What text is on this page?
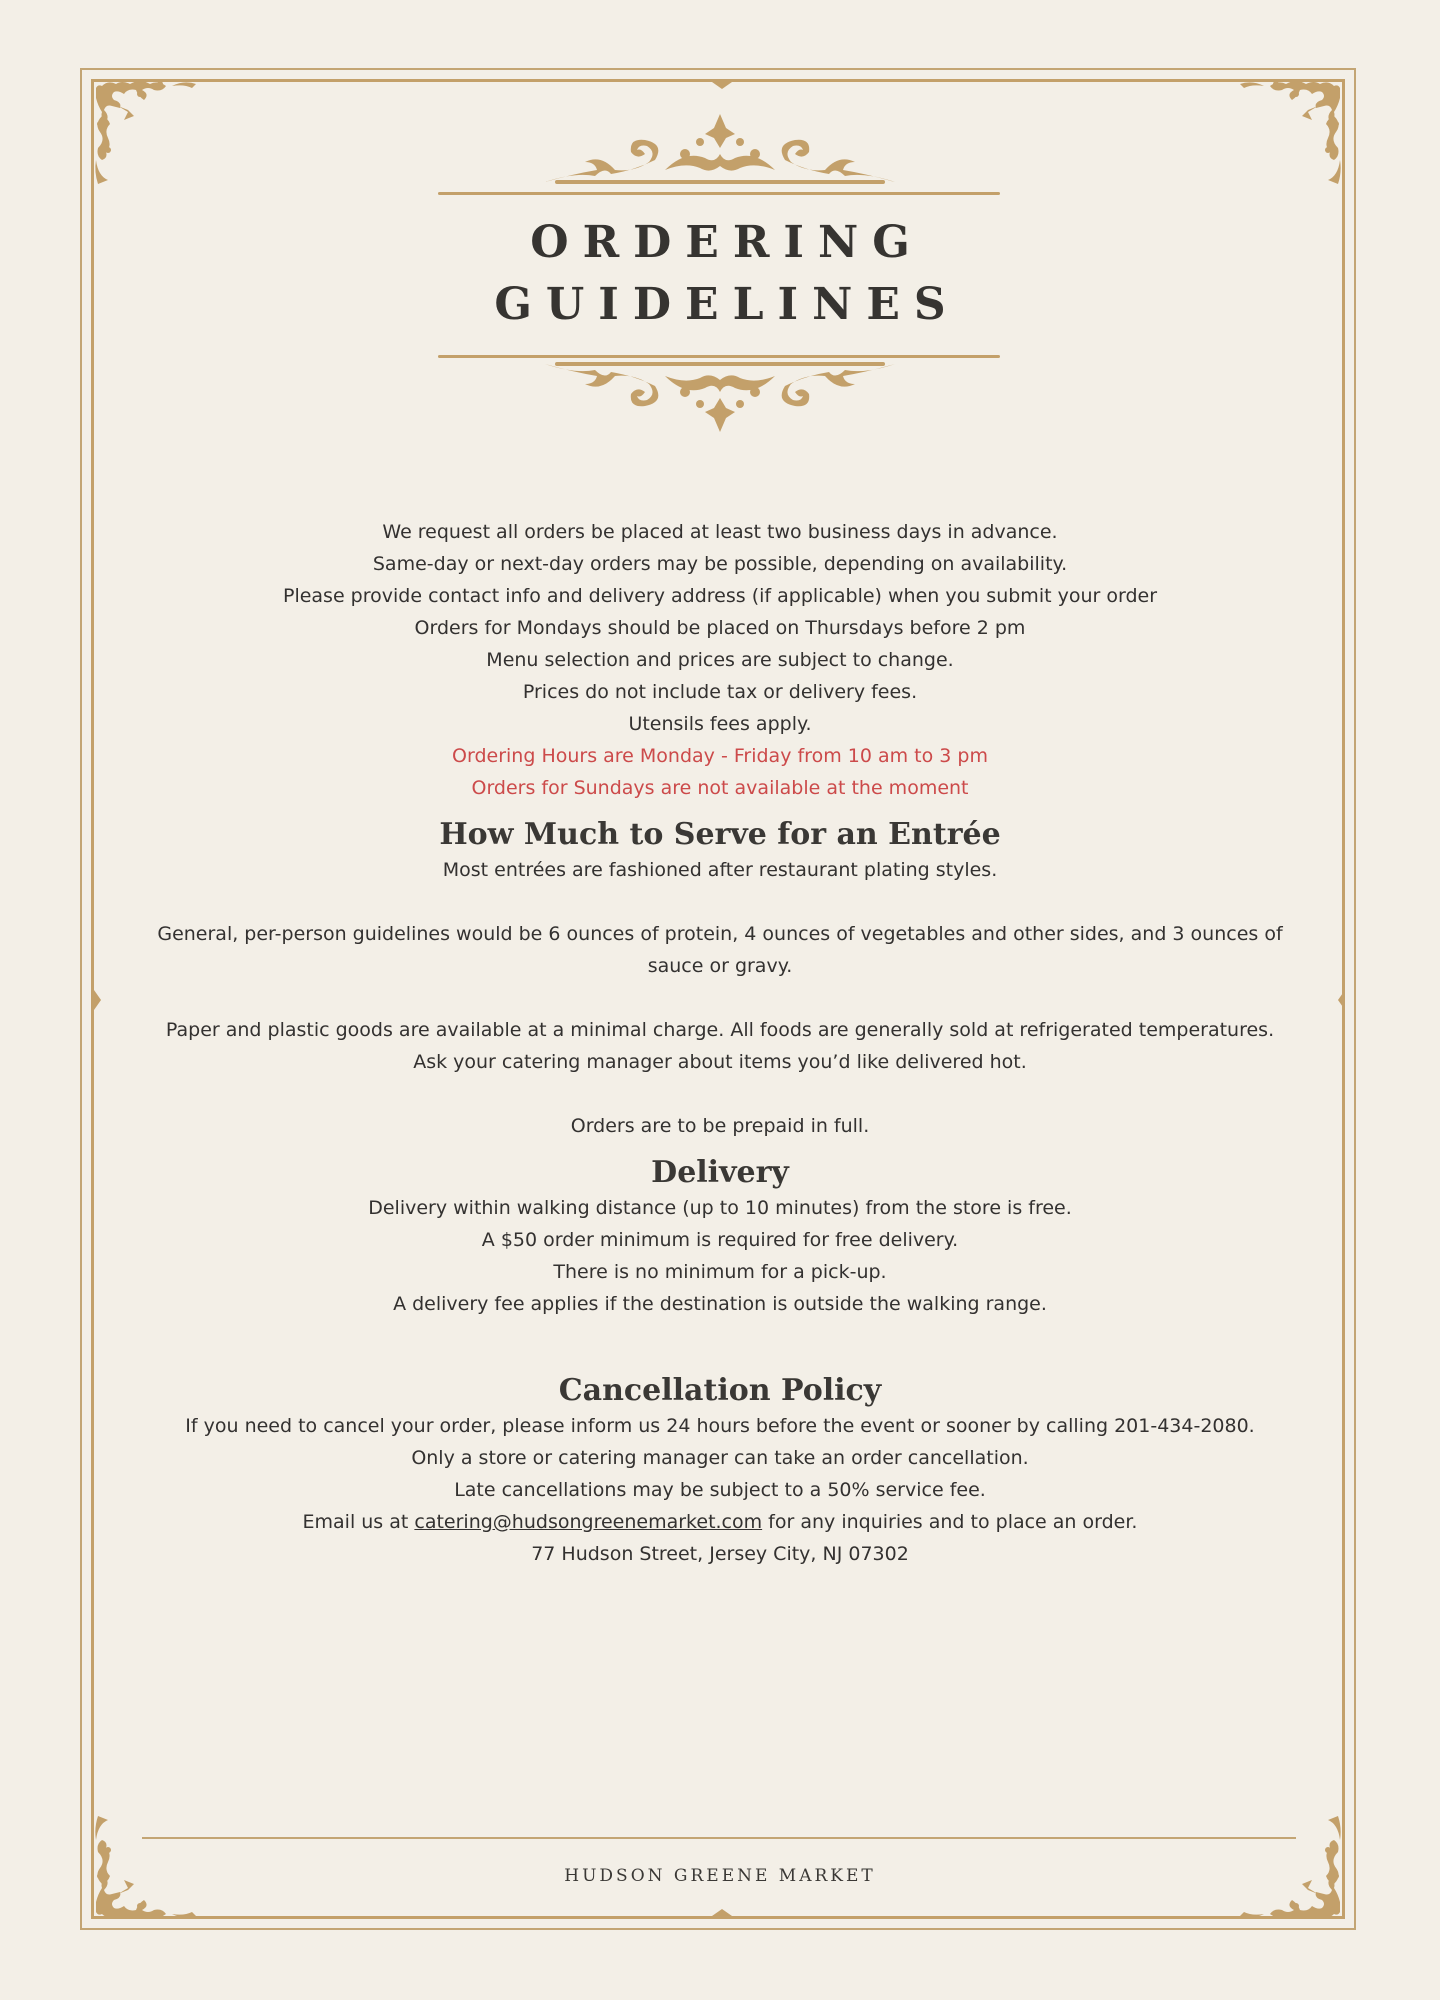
ORDERING
GUIDELINES

We request all orders be placed at least two business days in advance.

Same-day or next-day orders may be possible, depending on availability.

Please provide contact info and delivery address (if applicable) when you submit your order

Orders for Mondays should be placed on Thursdays before 2 pm

Menu selection and prices are subject to change.

Prices do not include tax or delivery fees.

Utensils fees apply.

Ordering Hours are Monday - Friday from 10 am to 3 pm

Orders for Sundays are not available at the moment

How Much to Serve for an Entrée

Most entrées are fashioned after restaurant plating styles.

General, per-person guidelines would be 6 ounces of protein, 4 ounces of vegetables and other sides, and 3 ounces of sauce or gravy.

Paper and plastic goods are available at a minimal charge. All foods are generally sold at refrigerated temperatures. Ask your catering manager about items you’d like delivered hot.

Orders are to be prepaid in full.

Delivery

Delivery within walking distance (up to 10 minutes) from the store is free.

A $50 order minimum is required for free delivery.

There is no minimum for a pick-up.

A delivery fee applies if the destination is outside the walking range.

Cancellation Policy

If you need to cancel your order, please inform us 24 hours before the event or sooner by calling 201-434-2080.

Only a store or catering manager can take an order cancellation.

Late cancellations may be subject to a 50% service fee.

Email us at catering@hudsongreenemarket.com for any inquiries and to place an order.

77 Hudson Street, Jersey City, NJ 07302

HUDSON GREENE MARKET
